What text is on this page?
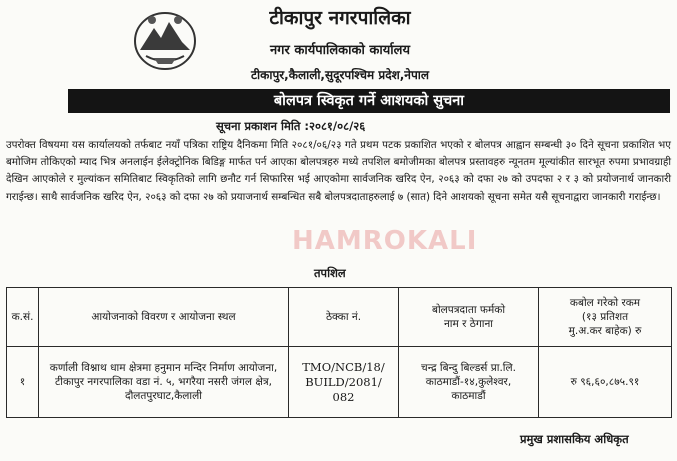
टीकापुर नगरपालिका
नगर कार्यपालिकाको कार्यालय
टीकापुर,कैलाली,सुदूरपश्चिम प्रदेश,नेपाल
बोलपत्र स्विकृत गर्ने आशयको सुचना
सूचना प्रकाशन मिति :२०८१/०८/२६
उपरोक्त विषयमा यस कार्यालयको तर्फबाट नयाँ पत्रिका राष्ट्रिय दैनिकमा मिति २०८१/०६/२३ गते प्रथम पटक प्रकाशित भएको र बोलपत्र आह्वान सम्बन्धी ३० दिने सूचना प्रकाशित भए बमोजिम तोकिएको म्याद भित्र अनलाईन ईलेक्ट्रोनिक बिडिङ्ग मार्फत पर्न आएका बोलपत्रहरु मध्ये तपशिल बमोजीमका बोलपत्र प्रस्तावहरु न्यूनतम मूल्यांकीत सारभूत रुपमा प्रभावग्राही देखिन आएकोले र मुल्यांकन समितिबाट स्विकृतिको लागि छनौट गर्न सिफारिस भई आएकोमा सार्वजनिक खरिद ऐन, २०६३ को दफा २७ को उपदफा २ र ३ को प्रयोजनार्थ जानकारी गराईन्छ। साथै सार्वजनिक खरिद ऐन, २०६३ को दफा २७ को प्रयाजनार्थ सम्बन्धित सबै बोलपत्रदाताहरुलाई ७ (सात) दिने आशयको सूचना समेत यसै सूचनाद्वारा जानकारी गराईन्छ।
HAMROKALI
तपशिल
क.सं.	आयोजनाको विवरण र आयोजना स्थल	ठेक्का नं.	बोलपत्रदाता फर्मको
नाम र ठेगाना	कबोल गरेको रकम
(१३ प्रतिशत
मु.अ.कर बाहेक) रु
१	कर्णाली विश्नाथ धाम क्षेत्रमा हनुमान मन्दिर निर्माण आयोजना, टीकापुर नगरपालिका वडा नं. ५, भगरैया नसरी जंगल क्षेत्र, दौलतपुरघाट,कैलाली	TMO/NCB/18/
BUILD/2081/
082	चन्द्र बिन्दु बिल्डर्स प्रा.लि.
काठमाडौं-१४,कुलेश्वर,
काठमाडौं	रु ९६,६०,८७५.९१
प्रमुख प्रशासकिय अधिकृत
